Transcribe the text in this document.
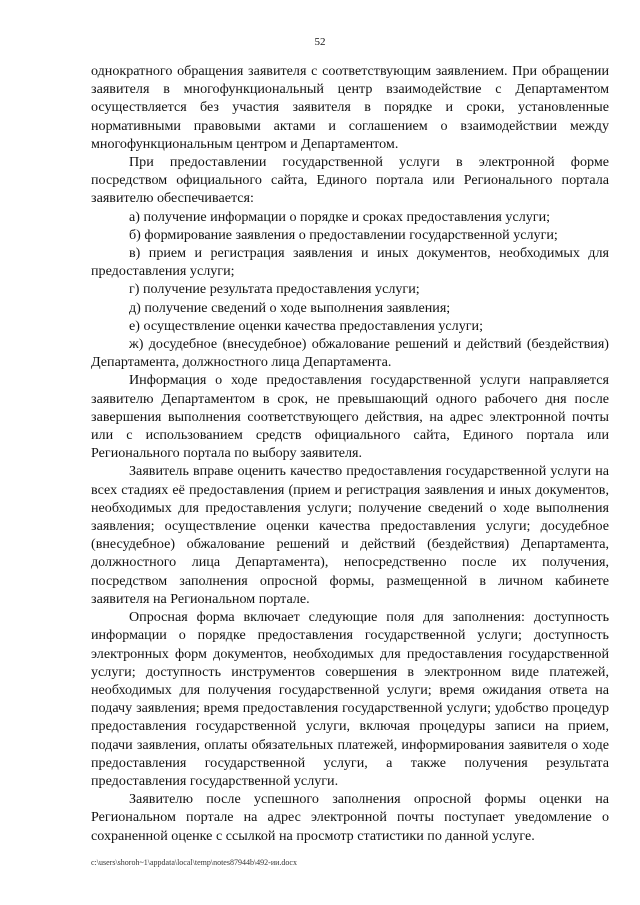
52

однократного обращения заявителя с соответствующим заявлением. При обращении заявителя в многофункциональный центр взаимодействие с Департаментом осуществляется без участия заявителя в порядке и сроки, установленные нормативными правовыми актами и соглашением о взаимодействии между многофункциональным центром и Департаментом.

При предоставлении государственной услуги в электронной форме посредством официального сайта, Единого портала или Регионального портала заявителю обеспечивается:

а) получение информации о порядке и сроках предоставления услуги;

б) формирование заявления о предоставлении государственной услуги;

в) прием и регистрация заявления и иных документов, необходимых для предоставления услуги;

г) получение результата предоставления услуги;

д) получение сведений о ходе выполнения заявления;

е) осуществление оценки качества предоставления услуги;

ж) досудебное (внесудебное) обжалование решений и действий (бездействия) Департамента, должностного лица Департамента.

Информация о ходе предоставления государственной услуги направляется заявителю Департаментом в срок, не превышающий одного рабочего дня после завершения выполнения соответствующего действия, на адрес электронной почты или с использованием средств официального сайта, Единого портала или Регионального портала по выбору заявителя.

Заявитель вправе оценить качество предоставления государственной услуги на всех стадиях её предоставления (прием и регистрация заявления и иных документов, необходимых для предоставления услуги; получение сведений о ходе выполнения заявления; осуществление оценки качества предоставления услуги; досудебное (внесудебное) обжалование решений и действий (бездействия) Департамента, должностного лица Департамента), непосредственно после их получения, посредством заполнения опросной формы, размещенной в личном кабинете заявителя на Региональном портале.

Опросная форма включает следующие поля для заполнения: доступность информации о порядке предоставления государственной услуги; доступность электронных форм документов, необходимых для предоставления государственной услуги; доступность инструментов совершения в электронном виде платежей, необходимых для получения государственной услуги; время ожидания ответа на подачу заявления; время предоставления государственной услуги; удобство процедур предоставления государственной услуги, включая процедуры записи на прием, подачи заявления, оплаты обязательных платежей, информирования заявителя о ходе предоставления государственной услуги, а также получения результата предоставления государственной услуги.

Заявителю после успешного заполнения опросной формы оценки на Региональном портале на адрес электронной почты поступает уведомление о сохраненной оценке с ссылкой на просмотр статистики по данной услуге.

c:\users\shoroh~1\appdata\local\temp\notes87944b\492-ии.docx
